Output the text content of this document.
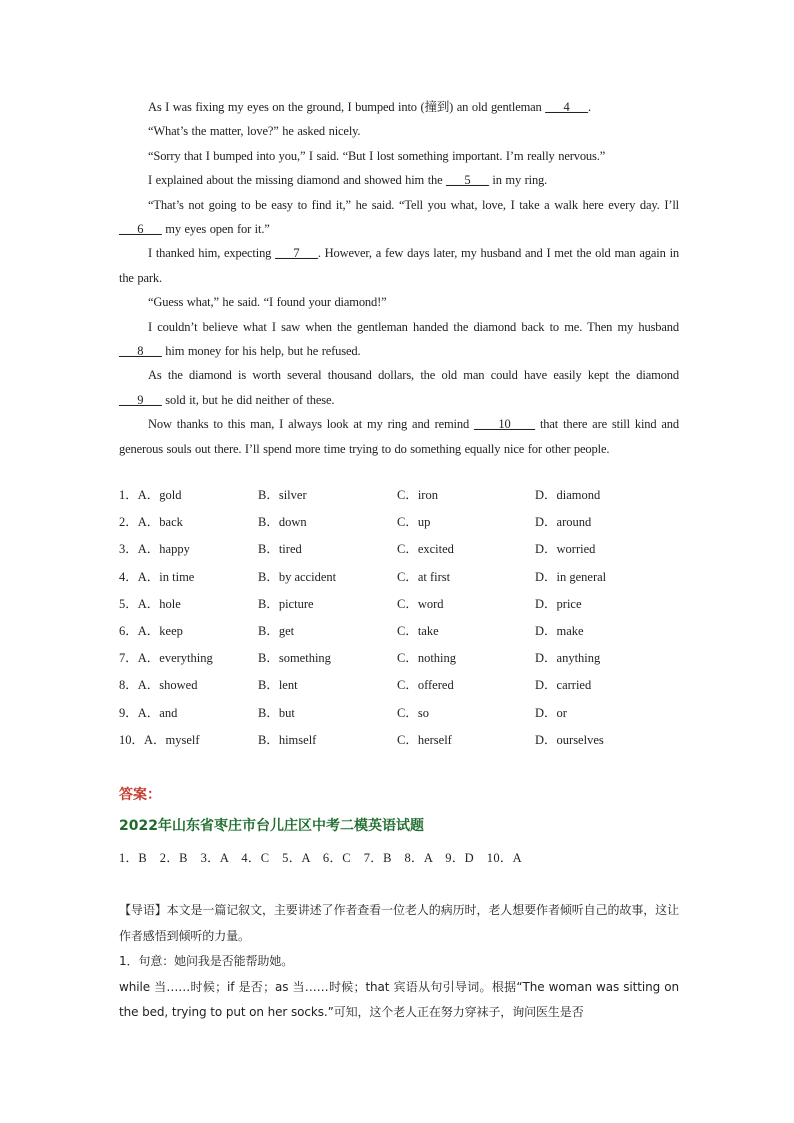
As I was fixing my eyes on the ground, I bumped into (撞到) an old gentleman ___4___.

“What’s the matter, love?” he asked nicely.

“Sorry that I bumped into you,” I said. “But I lost something important. I’m really nervous.”

I explained about the missing diamond and showed him the ___5___ in my ring.

“That’s not going to be easy to find it,” he said. “Tell you what, love, I take a walk here every day. I’ll ___6___ my eyes open for it.”

I thanked him, expecting ___7___. However, a few days later, my husband and I met the old man again in the park.

“Guess what,” he said. “I found your diamond!”

I couldn’t believe what I saw when the gentleman handed the diamond back to me. Then my husband ___8___ him money for his help, but he refused.

As the diamond is worth several thousand dollars, the old man could have easily kept the diamond ___9___ sold it, but he did neither of these.

Now thanks to this man, I always look at my ring and remind ____10____ that there are still kind and generous souls out there. I’ll spend more time trying to do something equally nice for other people.

1．A．gold	B．silver	C．iron	D．diamond
2．A．back	B．down	C．up	D．around
3．A．happy	B．tired	C．excited	D．worried
4．A．in time	B．by accident	C．at first	D．in general
5．A．hole	B．picture	C．word	D．price
6．A．keep	B．get	C．take	D．make
7．A．everything	B．something	C．nothing	D．anything
8．A．showed	B．lent	C．offered	D．carried
9．A．and	B．but	C．so	D．or
10．A．myself	B．himself	C．herself	D．ourselves
答案：
2022年山东省枣庄市台儿庄区中考二模英语试题
1．B　2．B　3．A　4．C　5．A　6．C　7．B　8．A　9．D　10．A

【导语】本文是一篇记叙文，主要讲述了作者查看一位老人的病历时，老人想要作者倾听自己的故事，这让作者感悟到倾听的力量。

1．句意：她问我是否能帮助她。

while 当……时候；if 是否；as 当……时候；that 宾语从句引导词。根据“The woman was sitting on the bed, trying to put on her socks.”可知，这个老人正在努力穿袜子，询问医生是否
